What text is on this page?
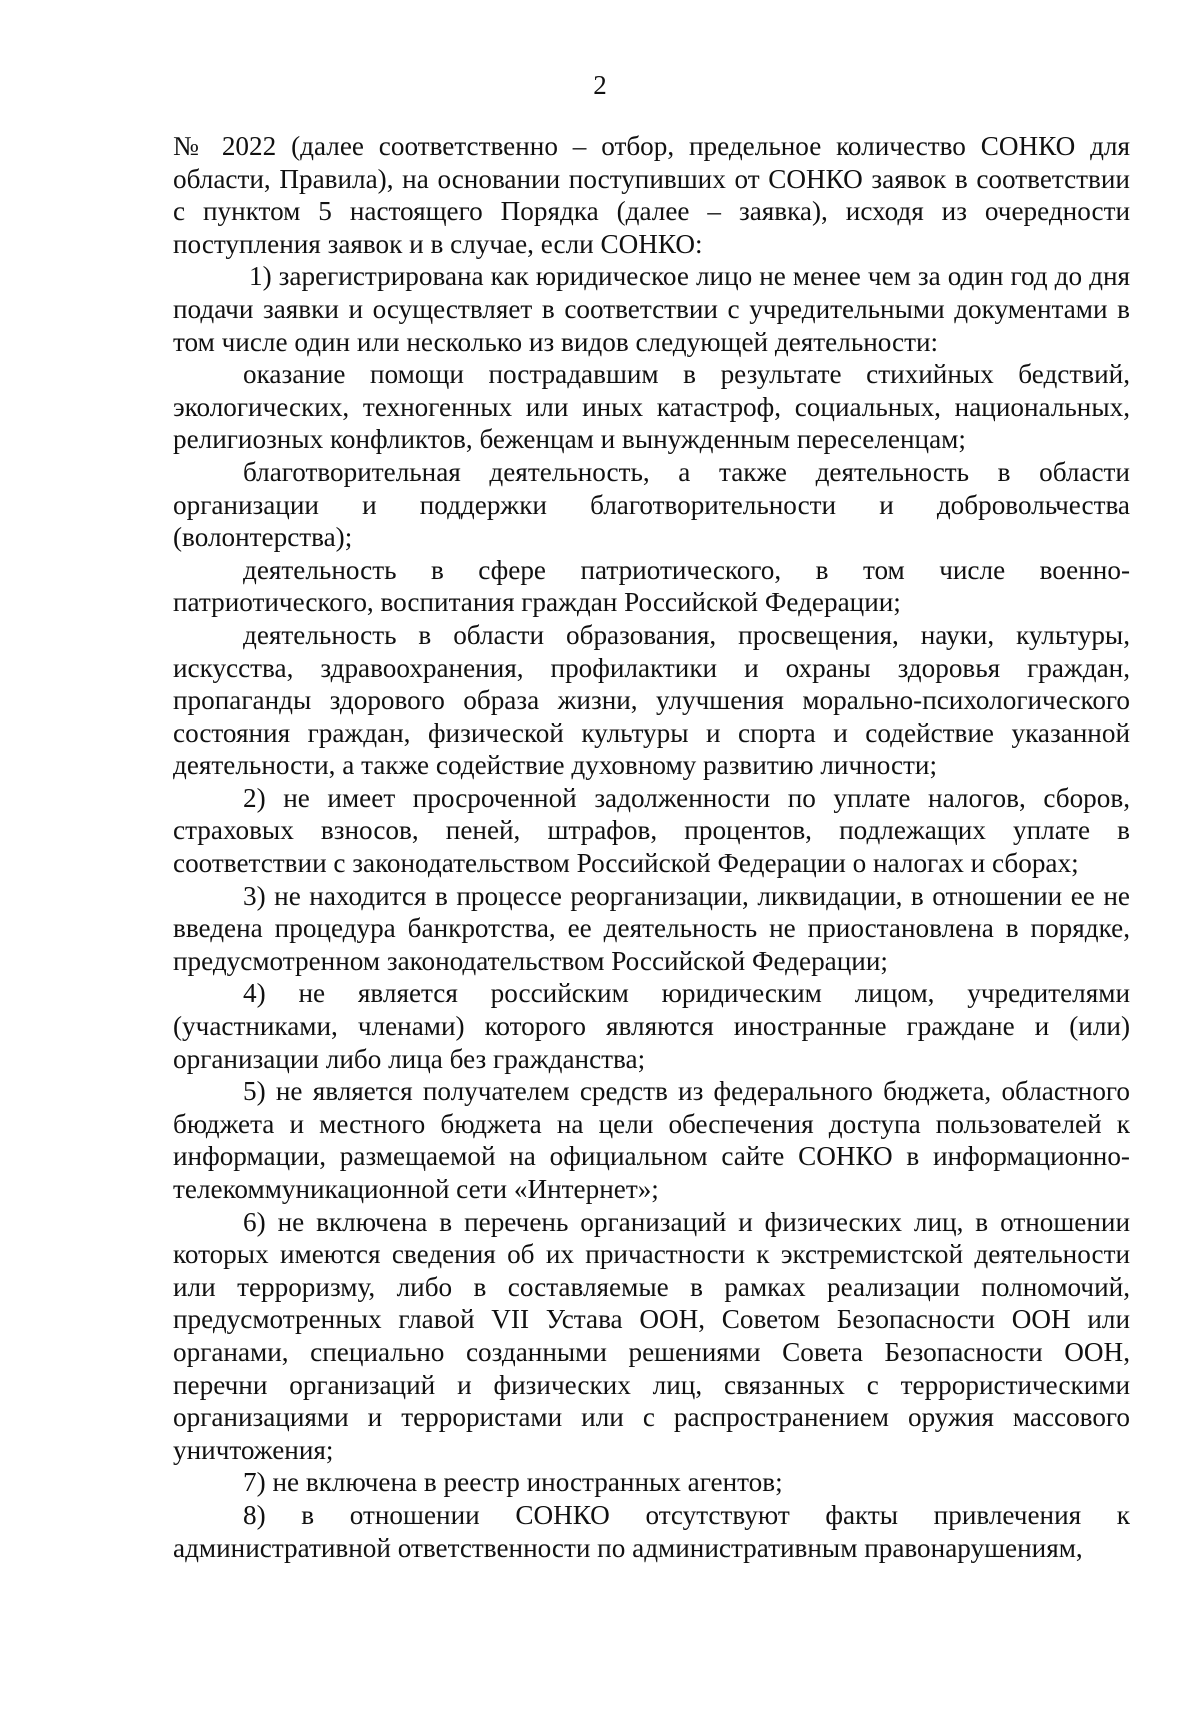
2

№ 2022 (далее соответственно – отбор, предельное количество СОНКО для области, Правила), на основании поступивших от СОНКО заявок в соответствии с пунктом 5 настоящего Порядка (далее – заявка), исходя из очередности поступления заявок и в случае, если СОНКО:

1) зарегистрирована как юридическое лицо не менее чем за один год до дня подачи заявки и осуществляет в соответствии с учредительными документами в том числе один или несколько из видов следующей деятельности:

оказание помощи пострадавшим в результате стихийных бедствий, экологических, техногенных или иных катастроф, социальных, национальных, религиозных конфликтов, беженцам и вынужденным переселенцам;

благотворительная деятельность, а также деятельность в области организации и поддержки благотворительности и добровольчества (волонтерства);

деятельность в сфере патриотического, в том числе военно-патриотического, воспитания граждан Российской Федерации;

деятельность в области образования, просвещения, науки, культуры, искусства, здравоохранения, профилактики и охраны здоровья граждан, пропаганды здорового образа жизни, улучшения морально-психологического состояния граждан, физической культуры и спорта и содействие указанной деятельности, а также содействие духовному развитию личности;

2) не имеет просроченной задолженности по уплате налогов, сборов, страховых взносов, пеней, штрафов, процентов, подлежащих уплате в соответствии с законодательством Российской Федерации о налогах и сборах;

3) не находится в процессе реорганизации, ликвидации, в отношении ее не введена процедура банкротства, ее деятельность не приостановлена в порядке, предусмотренном законодательством Российской Федерации;

4) не является российским юридическим лицом, учредителями (участниками, членами) которого являются иностранные граждане и (или) организации либо лица без гражданства;

5) не является получателем средств из федерального бюджета, областного бюджета и местного бюджета на цели обеспечения доступа пользователей к информации, размещаемой на официальном сайте СОНКО в информационно-телекоммуникационной сети «Интернет»;

6) не включена в перечень организаций и физических лиц, в отношении которых имеются сведения об их причастности к экстремистской деятельности или терроризму, либо в составляемые в рамках реализации полномочий, предусмотренных главой VII Устава ООН, Советом Безопасности ООН или органами, специально созданными решениями Совета Безопасности ООН, перечни организаций и физических лиц, связанных с террористическими организациями и террористами или с распространением оружия массового уничтожения;

7) не включена в реестр иностранных агентов;

8) в отношении СОНКО отсутствуют факты привлечения к административной ответственности по административным правонарушениям,
